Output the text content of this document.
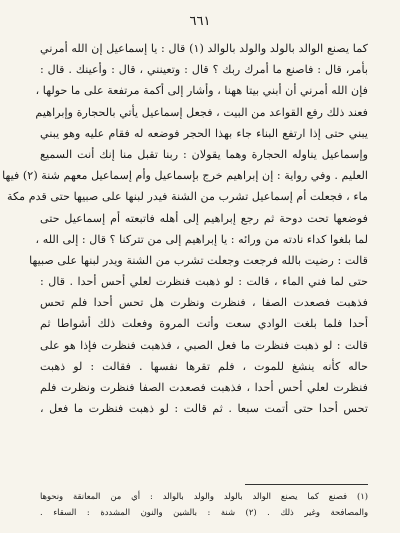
٦٦١
كما يصنع الوالد بالولد والولد بالوالد (١) قال : يا إسماعيل إن الله أمرني
بأمر، قال : فاصنع ما أمرك ربك ؟ قال : وتعينني ، قال : وأعينك . قال :
فإن الله أمرني أن أبني بيتا ههنا ، وأشار إلى أكمة مرتفعة على ما حولها ،
فعند ذلك رفع القواعد من البيت ، فجعل إسماعيل يأتي بالحجارة وإبراهيم
يبني حتى إذا ارتفع البناء جاء بهذا الحجر فوضعه له فقام عليه وهو يبني
وإسماعيل يناوله الحجارة وهما يقولان : ربنا تقبل منا إنك أنت السميع
العليم . وفي رواية : إن إبراهيم خرج بإسماعيل وأم إسماعيل معهم شنة (٢) فيها
ماء ، فجعلت أم إسماعيل تشرب من الشنة فيدر لبنها على صبيها حتى قدم مكة
فوضعها تحت دوحة ثم رجع إبراهيم إلى أهله فاتبعته أم إسماعيل حتى
لما بلغوا كداء نادته من ورائه : يا إبراهيم إلى من تتركنا ؟ قال : إلى الله ،
قالت : رضيت بالله فرجعت وجعلت تشرب من الشنة ويدر لبنها على صبيها
حتى لما فني الماء ، قالت : لو ذهبت فنظرت لعلي أحس أحدا . قال :
فذهبت فصعدت الصفا ، فنظرت ونظرت هل تحس أحدا فلم تحس
أحدا فلما بلغت الوادي سعت وأتت المروة وفعلت ذلك أشواطا ثم
قالت : لو ذهبت فنظرت ما فعل الصبي ، فذهبت فنظرت فإذا هو على
حاله كأنه ينشغ للموت ، فلم تقرها نفسها . فقالت : لو ذهبت
فنظرت لعلي أحس أحدا ، فذهبت فصعدت الصفا فنظرت ونظرت فلم
تحس أحدا حتى أتمت سبعا . ثم قالت : لو ذهبت فنظرت ما فعل ،
(١) فصنع كما يصنع الوالد بالولد والولد بالوالد : أي من المعانقة ونحوها
والمصافحة وغير ذلك . (٢) شنة : بالشين والنون المشددة : السقاء .
